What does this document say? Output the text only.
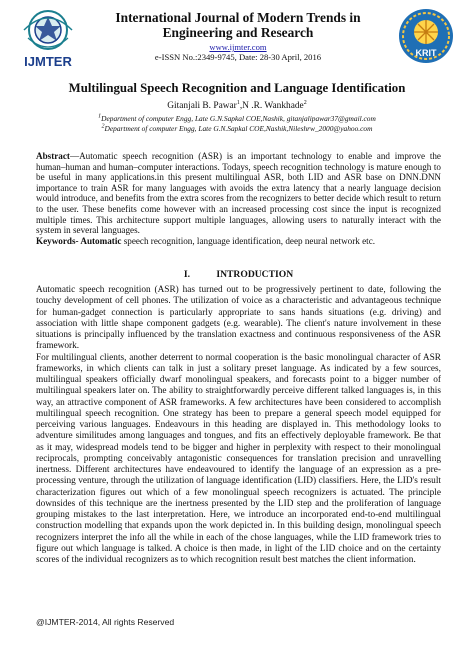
IJMTER
KRIT
International Journal of Modern Trends in Engineering and Research
www.ijmter.com
e-ISSN No.:2349-9745, Date: 28-30 April, 2016
Multilingual Speech Recognition and Language Identification
Gitanjali B. Pawar$^1$,N .R. Wankhade$^2$
$^1$Department of computer Engg, Late G.N.Sapkal COE,Nashik, gitanjalipawar37@gmail.com
$^2$Department of computer Engg, Late G.N.Sapkal COE,Nashik,Nileshrw_2000@yahoo.com
Abstract—Automatic speech recognition (ASR) is an important technology to enable and improve the human–human and human–computer interactions. Todays, speech recognition technology is mature enough to be useful in many applications.in this present multilingual ASR, both LID and ASR base on DNN.DNN importance to train ASR for many languages with avoids the extra latency that a nearly language decision would introduce, and benefits from the extra scores from the recognizers to better decide which result to return to the user. These benefits come however with an increased processing cost since the input is recognized multiple times. This architecture support multiple languages, allowing users to naturally interact with the system in several languages.
Keywords- Automatic speech recognition, language identification, deep neural network etc.
I.           INTRODUCTION

Automatic speech recognition (ASR) has turned out to be progressively pertinent to date, following the touchy development of cell phones. The utilization of voice as a characteristic and advantageous technique for human-gadget connection is particularly appropriate to sans hands situations (e.g. driving) and association with little shape component gadgets (e.g. wearable). The client's nature involvement in these situations is principally influenced by the translation exactness and continuous responsiveness of the ASR framework.

For multilingual clients, another deterrent to normal cooperation is the basic monolingual character of ASR frameworks, in which clients can talk in just a solitary preset language. As indicated by a few sources, multilingual speakers officially dwarf monolingual speakers, and forecasts point to a bigger number of multilingual speakers later on. The ability to straightforwardly perceive different talked languages is, in this way, an attractive component of ASR frameworks. A few architectures have been considered to accomplish multilingual speech recognition. One strategy has been to prepare a general speech model equipped for perceiving various languages. Endeavours in this heading are displayed in. This methodology looks to adventure similitudes among languages and tongues, and fits an effectively deployable framework. Be that as it may, widespread models tend to be bigger and higher in perplexity with respect to their monolingual reciprocals, prompting conceivably antagonistic consequences for translation precision and unravelling inertness. Different architectures have endeavoured to identify the language of an expression as a pre-processing venture, through the utilization of language identification (LID) classifiers. Here, the LID's result characterization figures out which of a few monolingual speech recognizers is actuated. The principle downsides of this technique are the inertness presented by the LID step and the proliferation of language grouping mistakes to the last interpretation. Here, we introduce an incorporated end-to-end multilingual construction modelling that expands upon the work depicted in. In this building design, monolingual speech recognizers interpret the info all the while in each of the chose languages, while the LID framework tries to figure out which language is talked. A choice is then made, in light of the LID choice and on the certainty scores of the individual recognizers as to which recognition result best matches the client information.

@IJMTER-2014, All rights Reserved
